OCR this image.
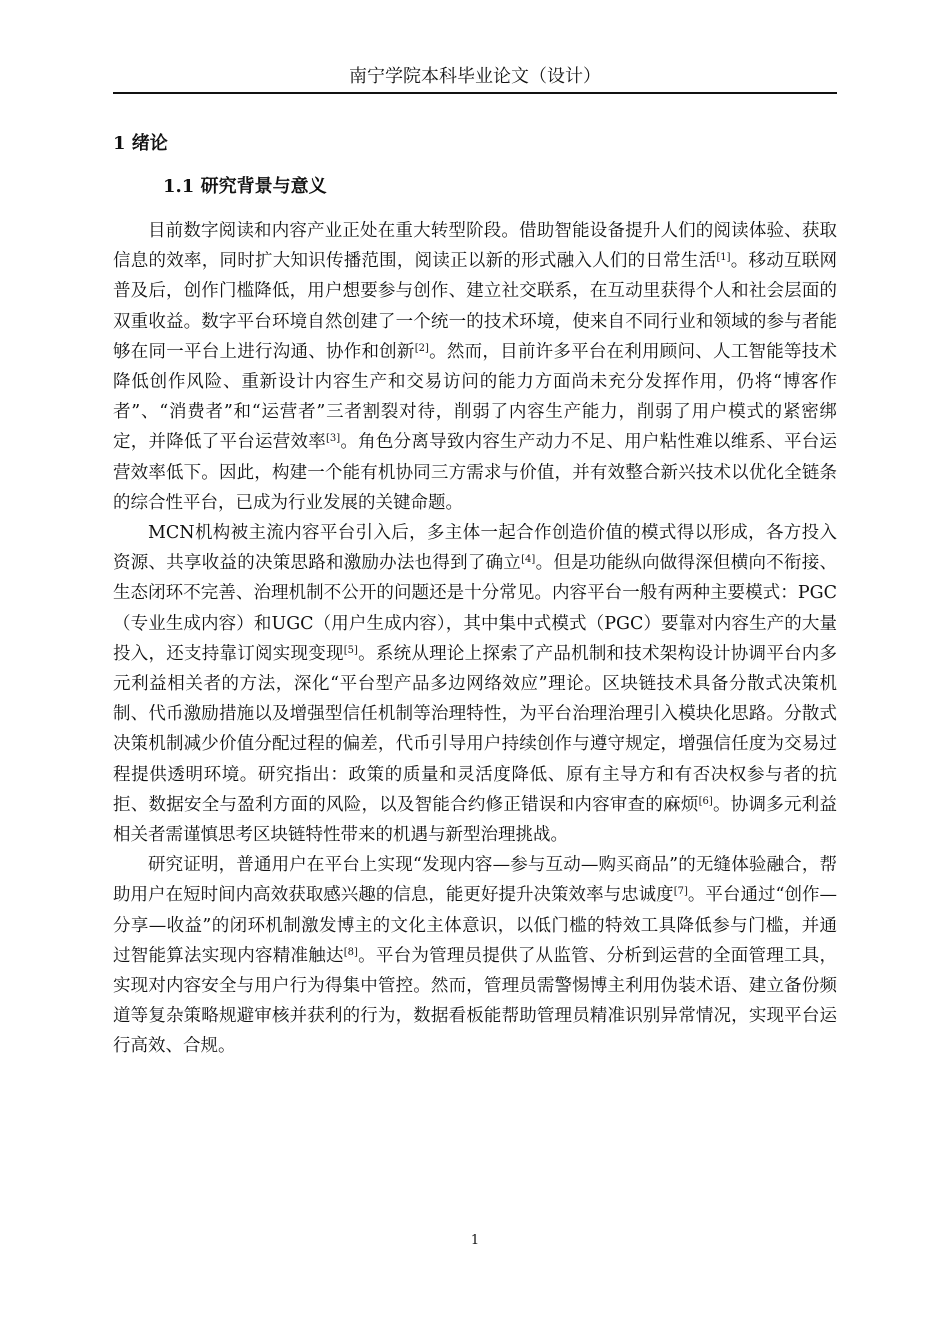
南宁学院本科毕业论文（设计）
1 绪论
1.1 研究背景与意义

目前数字阅读和内容产业正处在重大转型阶段。借助智能设备提升人们的阅读体验、获取信息的效率，同时扩大知识传播范围，阅读正以新的形式融入人们的日常生活[1]。移动互联网普及后，创作门槛降低，用户想要参与创作、建立社交联系，在互动里获得个人和社会层面的双重收益。数字平台环境自然创建了一个统一的技术环境，使来自不同行业和领域的参与者能够在同一平台上进行沟通、协作和创新[2]。然而，目前许多平台在利用顾问、人工智能等技术降低创作风险、重新设计内容生产和交易访问的能力方面尚未充分发挥作用，仍将“博客作者”、“消费者”和“运营者”三者割裂对待，削弱了内容生产能力，削弱了用户模式的紧密绑定，并降低了平台运营效率[3]。角色分离导致内容生产动力不足、用户粘性难以维系、平台运营效率低下。因此，构建一个能有机协同三方需求与价值，并有效整合新兴技术以优化全链条的综合性平台，已成为行业发展的关键命题。

MCN机构被主流内容平台引入后，多主体一起合作创造价值的模式得以形成，各方投入资源、共享收益的决策思路和激励办法也得到了确立[4]。但是功能纵向做得深但横向不衔接、生态闭环不完善、治理机制不公开的问题还是十分常见。内容平台一般有两种主要模式：PGC（专业生成内容）和UGC（用户生成内容），其中集中式模式（PGC）要靠对内容生产的大量投入，还支持靠订阅实现变现[5]。系统从理论上探索了产品机制和技术架构设计协调平台内多元利益相关者的方法，深化“平台型产品多边网络效应”理论。区块链技术具备分散式决策机制、代币激励措施以及增强型信任机制等治理特性，为平台治理治理引入模块化思路。分散式决策机制减少价值分配过程的偏差，代币引导用户持续创作与遵守规定，增强信任度为交易过程提供透明环境。研究指出：政策的质量和灵活度降低、原有主导方和有否决权参与者的抗拒、数据安全与盈利方面的风险，以及智能合约修正错误和内容审查的麻烦[6]。协调多元利益相关者需谨慎思考区块链特性带来的机遇与新型治理挑战。

研究证明，普通用户在平台上实现“发现内容—参与互动—购买商品”的无缝体验融合，帮助用户在短时间内高效获取感兴趣的信息，能更好提升决策效率与忠诚度[7]。平台通过“创作—分享—收益”的闭环机制激发博主的文化主体意识，以低门槛的特效工具降低参与门槛，并通过智能算法实现内容精准触达[8]。平台为管理员提供了从监管、分析到运营的全面管理工具，实现对内容安全与用户行为得集中管控。然而，管理员需警惕博主利用伪装术语、建立备份频道等复杂策略规避审核并获利的行为，数据看板能帮助管理员精准识别异常情况，实现平台运行高效、合规。

1
